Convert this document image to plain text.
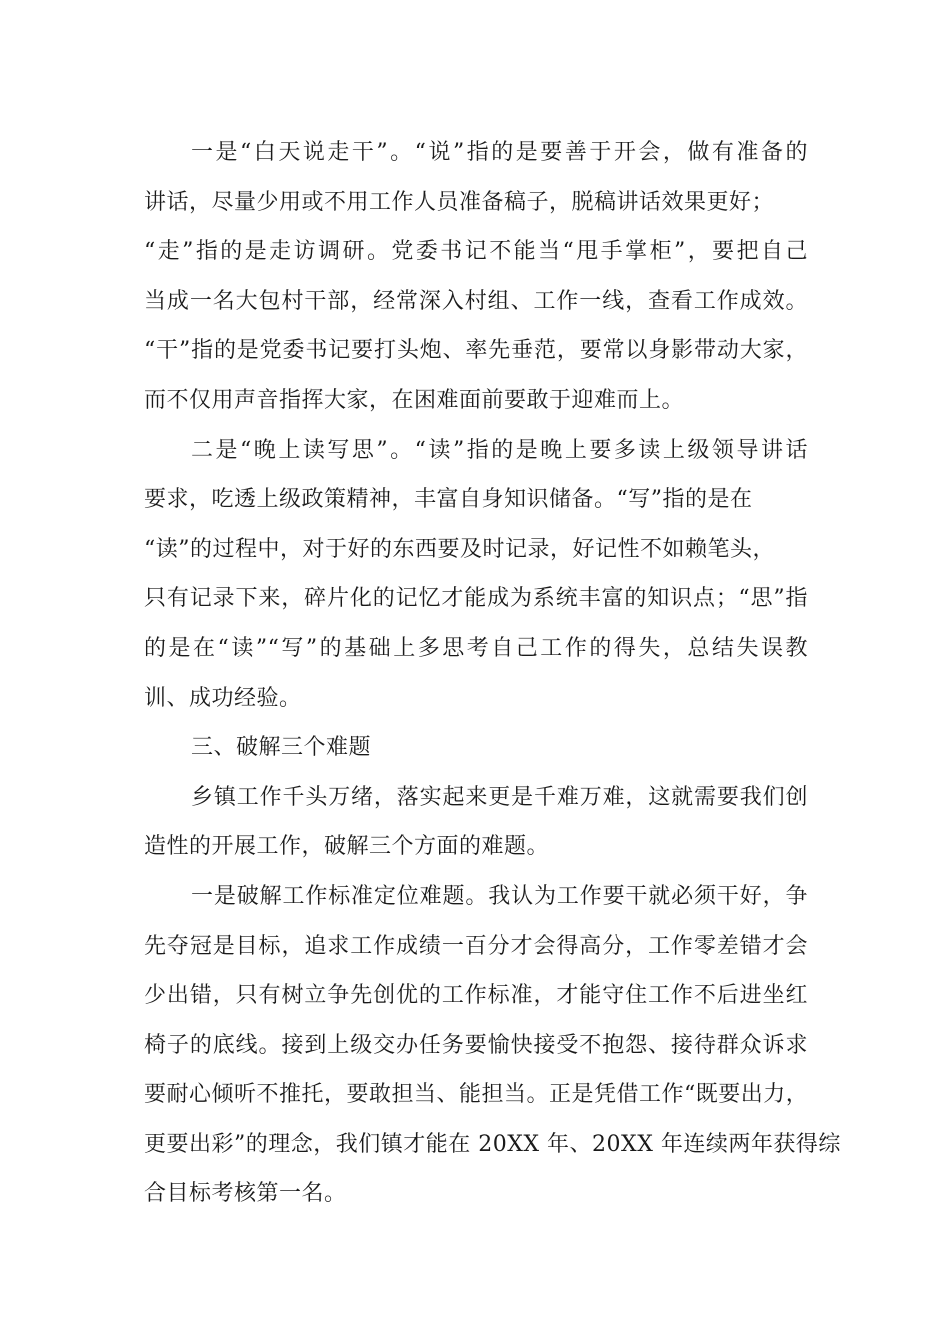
一是“白天说走干”。“说”指的是要善于开会，做有准备的
讲话，尽量少用或不用工作人员准备稿子，脱稿讲话效果更好；
“走”指的是走访调研。党委书记不能当“甩手掌柜”，要把自己
当成一名大包村干部，经常深入村组、工作一线，查看工作成效。
“干”指的是党委书记要打头炮、率先垂范，要常以身影带动大家，
而不仅用声音指挥大家，在困难面前要敢于迎难而上。
二是“晚上读写思”。“读”指的是晚上要多读上级领导讲话
要求，吃透上级政策精神，丰富自身知识储备。“写”指的是在
“读”的过程中，对于好的东西要及时记录，好记性不如赖笔头，
只有记录下来，碎片化的记忆才能成为系统丰富的知识点；“思”指
的是在“读”“写”的基础上多思考自己工作的得失，总结失误教
训、成功经验。
三、破解三个难题
乡镇工作千头万绪，落实起来更是千难万难，这就需要我们创
造性的开展工作，破解三个方面的难题。
一是破解工作标准定位难题。我认为工作要干就必须干好，争
先夺冠是目标，追求工作成绩一百分才会得高分，工作零差错才会
少出错，只有树立争先创优的工作标准，才能守住工作不后进坐红
椅子的底线。接到上级交办任务要愉快接受不抱怨、接待群众诉求
要耐心倾听不推托，要敢担当、能担当。正是凭借工作“既要出力，
更要出彩”的理念，我们镇才能在 20XX 年、20XX 年连续两年获得综
合目标考核第一名。
